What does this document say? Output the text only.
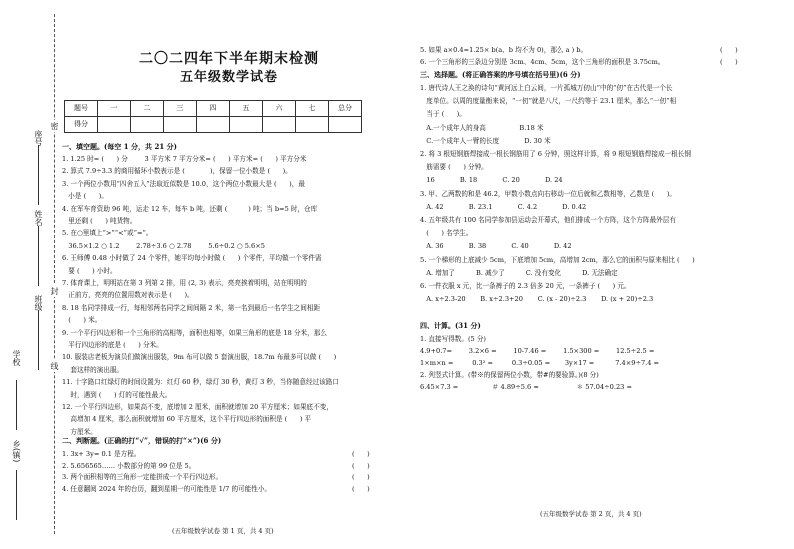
乡(镇)
学校
班级
姓名
座号
密
封
线
二〇二四年下半年期末检测
五年级数学试卷
题号	一	二	三	四	五	六	七	总分
得分								
一、填空题。(每空 1 分，共 21 分)
1. 1.25 时= (      ) 分        3 平方米 7 平方分米= (      ) 平方米= (      ) 平方分米
2. 算式 7.9÷3.3 的商用循环小数表示是 (            )，保留一位小数是 (      )。
3. 一个两位小数用“四舍五入”法取近似数是 10.0，这个两位小数最大是 (      )，最
小是 (      )。
4. 在军车育资助 96 吨，运走 12 车，每车 b 吨，还剩 (          ) 吨；当 b=5 时，仓库
里还剩 (      ) 吨货物。
5. 在○里填上“>”“<”或“=”。
36.5×1.2 ○ 1.2        2.78÷3.6 ○ 2.78        5.6÷0.2 ○ 5.6×5
6. 王师傅 0.48 小时做了 24 个零件，她平均每小时做 (      ) 个零件，平均做一个零件需
要 (      ) 小时。
7. 体育课上，明明站在第 3 列第 2 排，用 (2, 3) 表示，亮亮挨着明明，站在明明的
正前方，亮亮的位置用数对表示是 (      )。
8. 18 名同学排成一行，每相邻两名同学之间间隔 2 米，第一名到最后一名学生之间相距
(      ) 米。
9. 一个平行四边形和一个三角形的高相等，面积也相等，如果三角形的底是 18 分米，那么
平行四边形的底是 (      ) 分米。
10. 服装店老板为演员们做演出服装，9m 布可以做 5 套演出服，18.7m 布最多可以做 (      )
套这样的演出服。
11. 十字路口红绿灯的时间设置为：红灯 60 秒，绿灯 30 秒，黄灯 3 秒，当你随意经过该路口
时，遇到 (      ) 灯的可能性最大。
12. 一个平行四边形，如果高不变，底增加 2 厘米，面积就增加 20 平方厘米；如果底不变，
高增加 4 厘米，那么面积就增加 60 平方厘米，这个平行四边形的面积是 (      ) 平
方厘米。
二、判断题。(正确的打“√”，错误的打“×”)(6 分)
1. 3x+ 3y= 0.1 是方程。	(      )
2. 5.656565…… 小数部分的第 99 位是 5。	(      )
3. 两个面积相等的三角形一定能拼成一个平行四边形。	(      )
4. 任意翻阅 2024 年的台历，翻到星期一的可能性是 1/7 的可能性小。	(      )
(五年级数学试卷 第 1 页，共 4 页)
5. 如果 a×0.4=1.25× b(a、b 均不为 0)，那么 a ) b。	(      )
6. 一个三角形的三条边分别是 3cm、4cm、5cm，这个三角形的面积是 3.75cm。	(      )
三、选择题。(将正确答案的序号填在括号里)(6 分)
1. 唐代诗人王之涣的诗句“黄河远上白云间，一片孤城万仞山”中的“仞”在古代是一个长
度单位。以周的度量衡来说，“一仞”就是八尺，一尺约等于 23.1 厘米，那么“一仞”相
当于 (      )。
A.一个成年人的身高                B.18 米
C.一个成年人一臂的长度            D. 30 米
2. 将 3 根短钢筋焊接成一根长钢筋用了 6 分钟，照这样计算，将 9 根短钢筋焊接成一根长钢
筋需要 (      ) 分钟。
16            B. 18            C. 20            D. 24
3. 甲、乙两数的和是 46.2，甲数小数点向右移动一位后就和乙数相等，乙数是 (      )。
A. 42            B. 23.1            C. 4.2            D. 0.42
4. 五年级共有 100 名同学参加县运动会开幕式，他们排成一个方阵，这个方阵最外层有
(      ) 名学生。
A. 36            B. 38            C. 40            D. 42
5. 一个梯形的上底减少 5cm，下底增加 5cm，高增加 2cm，那么它的面积与原来相比 (      )
A. 增加了          B. 减少了          C. 没有变化          D. 无法确定
6. 一件衣服 x 元，比一条裤子的 2.3 倍多 20 元，一条裤子 (      ) 元。
A. x÷2.3-20       B. x÷2.3+20       C. (x - 20)÷2.3       D. (x + 20)÷2.3
四、计算。(31 分)
1. 直接写得数。(5 分)
4.9+0.7=        3.2×6 =        10-7.46 =        1.5×300 =        12.5÷2.5 =
1×m×n =         0.3² =         0.3÷0.05 =       3y×17 =          7.4×9÷7.4 =
2. 列竖式计算。(带※的保留两位小数，带#的要验算。)(8 分)
6.45×7.3 =                ＃ 4.89÷5.6 ≈                  ＊ 57.04÷0.23 =
(五年级数学试卷 第 2 页，共 4 页)
